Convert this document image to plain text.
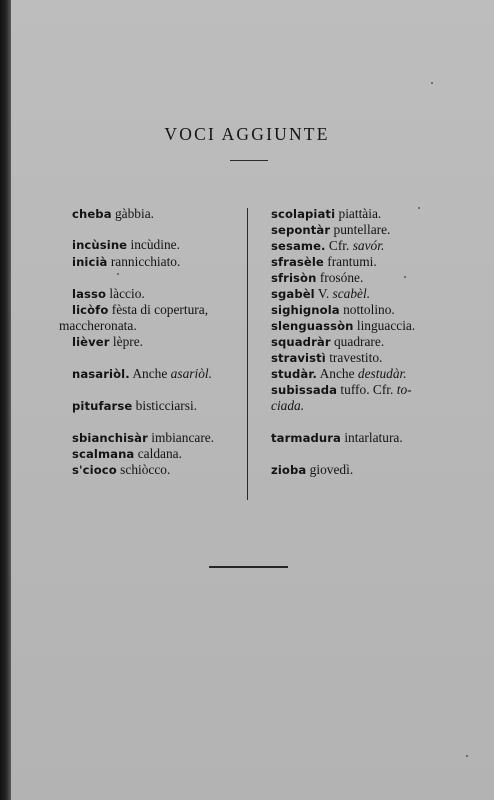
VOCI AGGIUNTE
cheba gàbbia.
incùsine incùdine.
inicià rannicchiato.
lasso làccio.
licòfo fèsta di copertura,
maccheronata.
lièver lèpre.
nasariòl. Anche asariòl.
pitufarse bisticciarsi.
sbianchisàr imbiancare.
scalmana caldana.
s'cioco schiòcco.
scolapiati piattàia.
sepontàr puntellare.
sesame. Cfr. savór.
sfrasèle frantumi.
sfrisòn frosóne.
sgabèl V. scabèl.
sighignola nottolino.
slenguassòn linguaccia.
squadràr quadrare.
stravistì travestito.
studàr. Anche destudàr.
subissada tuffo. Cfr. to-
ciada.
tarmadura intarlatura.
zioba giovedì.
